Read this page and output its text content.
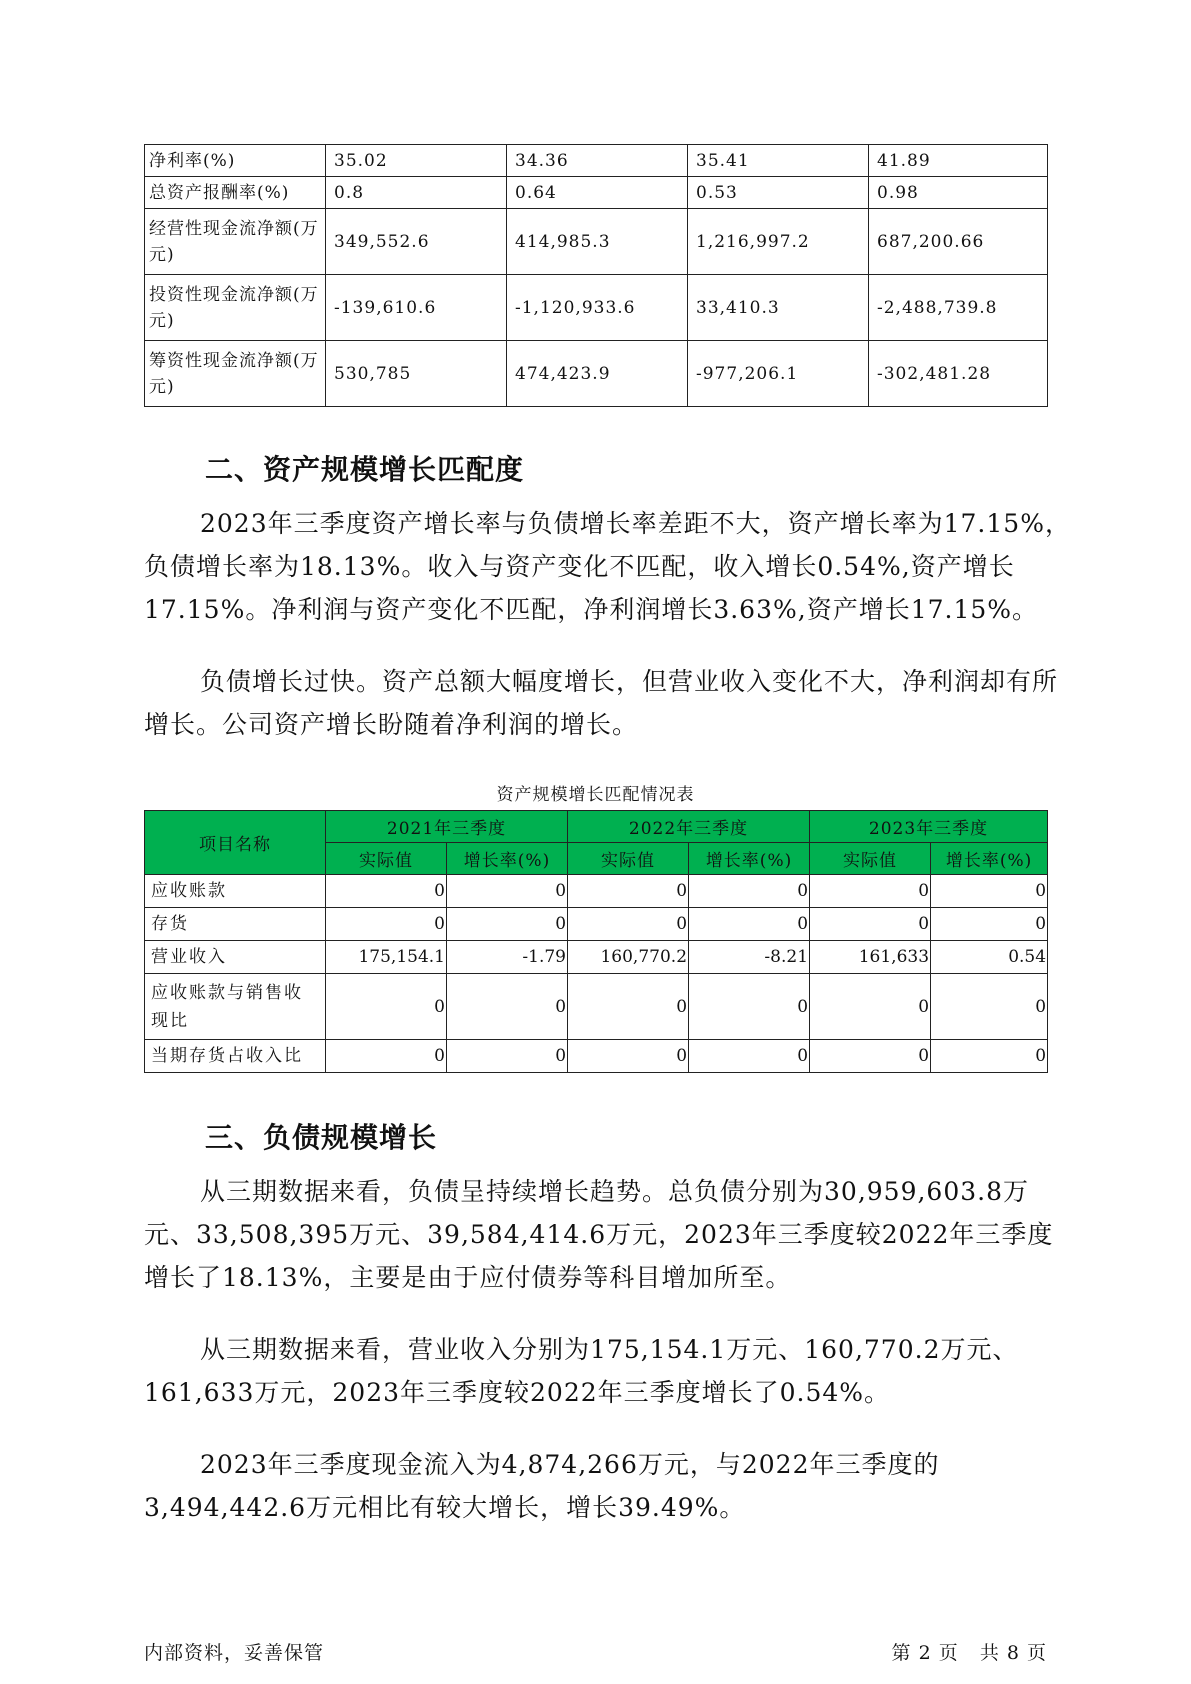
净利率(%)	35.02	34.36	35.41	41.89
总资产报酬率(%)	0.8	0.64	0.53	0.98
经营性现金流净额(万元)	349,552.6	414,985.3	1,216,997.2	687,200.66
投资性现金流净额(万元)	-139,610.6	-1,120,933.6	33,410.3	-2,488,739.8
筹资性现金流净额(万元)	530,785	474,423.9	-977,206.1	-302,481.28
二、资产规模增长匹配度

2023年三季度资产增长率与负债增长率差距不大，资产增长率为17.15%，负债增长率为18.13%。收入与资产变化不匹配，收入增长0.54%,资产增长17.15%。净利润与资产变化不匹配，净利润增长3.63%,资产增长17.15%。

负债增长过快。资产总额大幅度增长，但营业收入变化不大，净利润却有所增长。公司资产增长盼随着净利润的增长。

资产规模增长匹配情况表
项目名称	2021年三季度		2022年三季度		2023年三季度	
	实际值	增长率(%)	实际值	增长率(%)	实际值	增长率(%)
应收账款	0	0	0	0	0	0
存货	0	0	0	0	0	0
营业收入	175,154.1	-1.79	160,770.2	-8.21	161,633	0.54
应收账款与销售收现比	0	0	0	0	0	0
当期存货占收入比	0	0	0	0	0	0
三、负债规模增长

从三期数据来看，负债呈持续增长趋势。总负债分别为30,959,603.8万元、33,508,395万元、39,584,414.6万元，2023年三季度较2022年三季度增长了18.13%，主要是由于应付债券等科目增加所至。

从三期数据来看，营业收入分别为175,154.1万元、160,770.2万元、161,633万元，2023年三季度较2022年三季度增长了0.54%。

2023年三季度现金流入为4,874,266万元，与2022年三季度的3,494,442.6万元相比有较大增长，增长39.49%。

内部资料，妥善保管	第 2 页   共 8 页
